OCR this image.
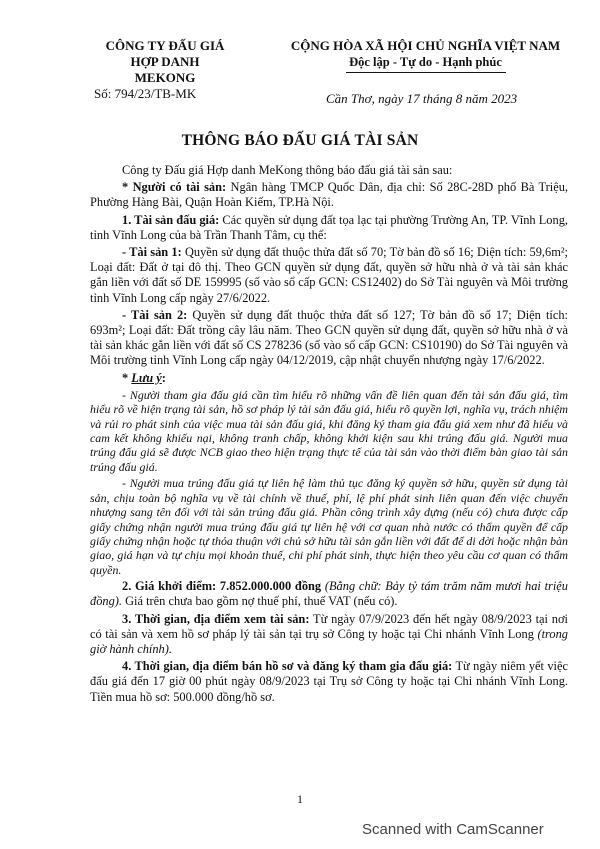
CÔNG TY ĐẤU GIÁ
HỢP DANH MEKONG
Số: 794/23/TB-MK
CỘNG HÒA XÃ HỘI CHỦ NGHĨA VIỆT NAM
Độc lập - Tự do - Hạnh phúc
Cần Thơ, ngày 17 tháng 8 năm 2023
THÔNG BÁO ĐẤU GIÁ TÀI SẢN

Công ty Đấu giá Hợp danh MeKong thông báo đấu giá tài sản sau:

* Người có tài sản: Ngân hàng TMCP Quốc Dân, địa chỉ: Số 28C-28D phố Bà Triệu, Phường Hàng Bài, Quận Hoàn Kiếm, TP.Hà Nội.

1. Tài sản đấu giá: Các quyền sử dụng đất tọa lạc tại phường Trường An, TP. Vĩnh Long, tỉnh Vĩnh Long của bà Trần Thanh Tâm, cụ thể:

- Tài sản 1: Quyền sử dụng đất thuộc thửa đất số 70; Tờ bản đồ số 16; Diện tích: 59,6m²; Loại đất: Đất ở tại đô thị. Theo GCN quyền sử dụng đất, quyền sở hữu nhà ở và tài sản khác gắn liền với đất số DE 159995 (số vào sổ cấp GCN: CS12402) do Sở Tài nguyên và Môi trường tỉnh Vĩnh Long cấp ngày 27/6/2022.

- Tài sản 2: Quyền sử dụng đất thuộc thửa đất số 127; Tờ bản đồ số 17; Diện tích: 693m²; Loại đất: Đất trồng cây lâu năm. Theo GCN quyền sử dụng đất, quyền sở hữu nhà ở và tài sản khác gắn liền với đất số CS 278236 (số vào sổ cấp GCN: CS10190) do Sở Tài nguyên và Môi trường tỉnh Vĩnh Long cấp ngày 04/12/2019, cập nhật chuyển nhượng ngày 17/6/2022.

* Lưu ý:

- Người tham gia đấu giá cần tìm hiểu rõ những vấn đề liên quan đến tài sản đấu giá, tìm hiểu rõ về hiện trạng tài sản, hồ sơ pháp lý tài sản đấu giá, hiểu rõ quyền lợi, nghĩa vụ, trách nhiệm và rủi ro phát sinh của việc mua tài sản đấu giá, khi đăng ký tham gia đấu giá xem như đã hiểu và cam kết không khiếu nại, không tranh chấp, không khởi kiện sau khi trúng đấu giá. Người mua trúng đấu giá sẽ được NCB giao theo hiện trạng thực tế của tài sản vào thời điểm bàn giao tài sản trúng đấu giá.

- Người mua trúng đấu giá tự liên hệ làm thủ tục đăng ký quyền sở hữu, quyền sử dụng tài sản, chịu toàn bộ nghĩa vụ về tài chính về thuế, phí, lệ phí phát sinh liên quan đến việc chuyển nhượng sang tên đối với tài sản trúng đấu giá. Phần công trình xây dựng (nếu có) chưa được cấp giấy chứng nhận người mua trúng đấu giá tự liên hệ với cơ quan nhà nước có thẩm quyền để cấp giấy chứng nhận hoặc tự thỏa thuận với chủ sở hữu tài sản gắn liền với đất để di dời hoặc nhận bàn giao, giá hạn và tự chịu mọi khoản thuế, chi phí phát sinh, thực hiện theo yêu cầu cơ quan có thẩm quyền.

2. Giá khởi điểm: 7.852.000.000 đồng (Bằng chữ: Bảy tỷ tám trăm năm mươi hai triệu đồng). Giá trên chưa bao gồm nợ thuế phí, thuế VAT (nếu có).

3. Thời gian, địa điểm xem tài sản: Từ ngày 07/9/2023 đến hết ngày 08/9/2023 tại nơi có tài sản và xem hồ sơ pháp lý tài sản tại trụ sở Công ty hoặc tại Chi nhánh Vĩnh Long (trong giờ hành chính).

4. Thời gian, địa điểm bán hồ sơ và đăng ký tham gia đấu giá: Từ ngày niêm yết việc đấu giá đến 17 giờ 00 phút ngày 08/9/2023 tại Trụ sở Công ty hoặc tại Chi nhánh Vĩnh Long. Tiền mua hồ sơ: 500.000 đồng/hồ sơ.

1
Scanned with CamScanner
